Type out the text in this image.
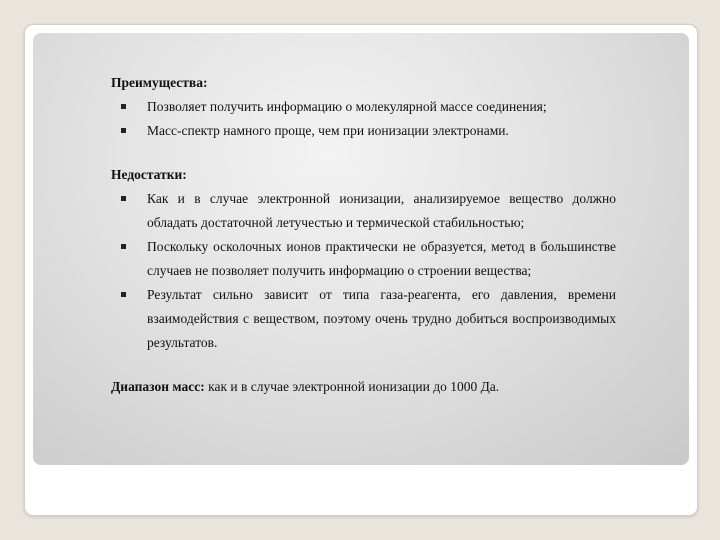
Преимущества:

Позволяет получить информацию о молекулярной массе соединения;
Масс-спектр намного проще, чем при ионизации электронами.

Недостатки:

Как и в случае электронной ионизации, анализируемое вещество должно обладать достаточной летучестью и термической стабильностью;
Поскольку осколочных ионов практически не образуется, метод в большинстве случаев не позволяет получить информацию о строении вещества;
Результат сильно зависит от типа газа-реагента, его давления, времени взаимодействия с веществом, поэтому очень трудно добиться воспроизводимых результатов.

Диапазон масс: как и в случае электронной ионизации до 1000 Да.
